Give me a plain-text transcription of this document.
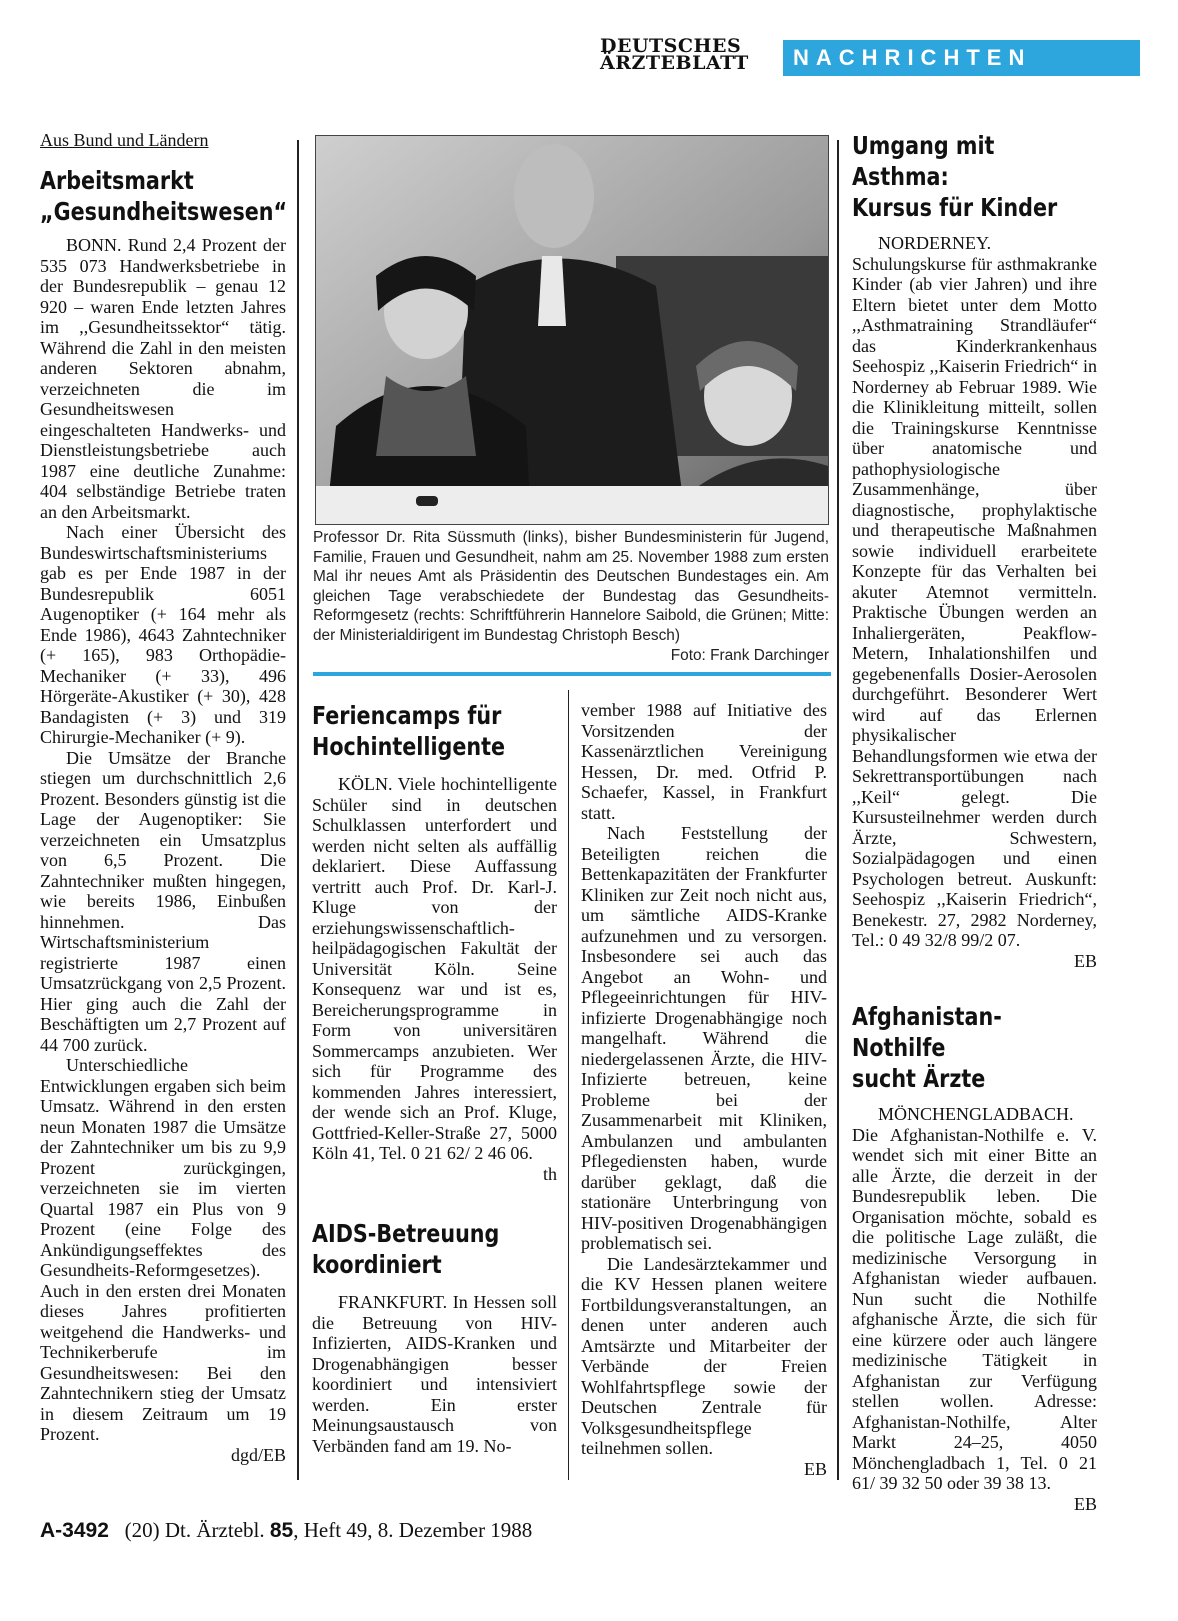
DEUTSCHES
ÄRZTEBLATT	NACHRICHTEN
Aus Bund und Ländern
Arbeitsmarkt
„Gesundheitswesen“

BONN. Rund 2,4 Prozent der 535 073 Handwerksbetriebe in der Bundesrepublik – genau 12 920 – waren Ende letzten Jahres im ,,Gesundheitssektor“ tätig. Während die Zahl in den meisten anderen Sektoren abnahm, verzeichneten die im Gesundheitswesen eingeschalteten Handwerks- und Dienstleistungsbetriebe auch 1987 eine deutliche Zunahme: 404 selbständige Betriebe traten an den Arbeitsmarkt.

Nach einer Übersicht des Bundeswirtschaftsministeriums gab es per Ende 1987 in der Bundesrepublik 6051 Augenoptiker (+ 164 mehr als Ende 1986), 4643 Zahntechniker (+ 165), 983 Orthopädie-Mechaniker (+ 33), 496 Hörgeräte-Akustiker (+ 30), 428 Bandagisten (+ 3) und 319 Chirurgie-Mechaniker (+ 9).

Die Umsätze der Branche stiegen um durchschnittlich 2,6 Prozent. Besonders günstig ist die Lage der Augenoptiker: Sie verzeichneten ein Umsatzplus von 6,5 Prozent. Die Zahntechniker mußten hingegen, wie bereits 1986, Einbußen hinnehmen. Das Wirtschaftsministerium registrierte 1987 einen Umsatzrückgang von 2,5 Prozent. Hier ging auch die Zahl der Beschäftigten um 2,7 Prozent auf 44 700 zurück.

Unterschiedliche Entwicklungen ergaben sich beim Umsatz. Während in den ersten neun Monaten 1987 die Umsätze der Zahntechniker um bis zu 9,9 Prozent zurückgingen, verzeichneten sie im vierten Quartal 1987 ein Plus von 9 Prozent (eine Folge des Ankündigungseffektes des Gesundheits-Reformgesetzes). Auch in den ersten drei Monaten dieses Jahres profitierten weitgehend die Handwerks- und Technikerberufe im Gesundheitswesen: Bei den Zahntechnikern stieg der Umsatz in diesem Zeitraum um 19 Prozent.

dgd/EB
Professor Dr. Rita Süssmuth (links), bisher Bundesministerin für Jugend, Familie, Frauen und Gesundheit, nahm am 25. November 1988 zum ersten Mal ihr neues Amt als Präsidentin des Deutschen Bundestages ein. Am gleichen Tage verabschiedete der Bundestag das Gesundheits-Reformgesetz (rechts: Schriftführerin Hannelore Saibold, die Grünen; Mitte: der Ministerialdirigent im Bundestag Christoph Besch)
Foto: Frank Darchinger
Feriencamps für
Hochintelligente

KÖLN. Viele hochintelligente Schüler sind in deutschen Schulklassen unterfordert und werden nicht selten als auffällig deklariert. Diese Auffassung vertritt auch Prof. Dr. Karl-J. Kluge von der erziehungswissenschaftlich-heilpädagogischen Fakultät der Universität Köln. Seine Konsequenz war und ist es, Bereicherungsprogramme in Form von universitären Sommercamps anzubieten. Wer sich für Programme des kommenden Jahres interessiert, der wende sich an Prof. Kluge, Gottfried-Keller-Straße 27, 5000 Köln 41, Tel. 0 21 62/ 2 46 06.

th
AIDS-Betreuung
koordiniert

FRANKFURT. In Hessen soll die Betreuung von HIV-Infizierten, AIDS-Kranken und Drogenabhängigen besser koordiniert und intensiviert werden. Ein erster Meinungsaustausch von Verbänden fand am 19. No-

vember 1988 auf Initiative des Vorsitzenden der Kassenärztlichen Vereinigung Hessen, Dr. med. Otfrid P. Schaefer, Kassel, in Frankfurt statt.

Nach Feststellung der Beteiligten reichen die Bettenkapazitäten der Frankfurter Kliniken zur Zeit noch nicht aus, um sämtliche AIDS-Kranke aufzunehmen und zu versorgen. Insbesondere sei auch das Angebot an Wohn- und Pflegeeinrichtungen für HIV-infizierte Drogenabhängige noch mangelhaft. Während die niedergelassenen Ärzte, die HIV-Infizierte betreuen, keine Probleme bei der Zusammenarbeit mit Kliniken, Ambulanzen und ambulanten Pflegediensten haben, wurde darüber geklagt, daß die stationäre Unterbringung von HIV-positiven Drogenabhängigen problematisch sei.

Die Landesärztekammer und die KV Hessen planen weitere Fortbildungsveranstaltungen, an denen unter anderen auch Amtsärzte und Mitarbeiter der Verbände der Freien Wohlfahrtspflege sowie der Deutschen Zentrale für Volksgesundheitspflege teilnehmen sollen.

EB
Umgang mit Asthma:
Kursus für Kinder

NORDERNEY. Schulungskurse für asthmakranke Kinder (ab vier Jahren) und ihre Eltern bietet unter dem Motto ,,Asthmatraining Strandläufer“ das Kinderkrankenhaus Seehospiz ,,Kaiserin Friedrich“ in Norderney ab Februar 1989. Wie die Klinikleitung mitteilt, sollen die Trainingskurse Kenntnisse über anatomische und pathophysiologische Zusammenhänge, über diagnostische, prophylaktische und therapeutische Maßnahmen sowie individuell erarbeitete Konzepte für das Verhalten bei akuter Atemnot vermitteln. Praktische Übungen werden an Inhaliergeräten, Peakflow-Metern, Inhalationshilfen und gegebenenfalls Dosier-Aerosolen durchgeführt. Besonderer Wert wird auf das Erlernen physikalischer Behandlungsformen wie etwa der Sekrettransportübungen nach ,,Keil“ gelegt. Die Kursusteilnehmer werden durch Ärzte, Schwestern, Sozialpädagogen und einen Psychologen betreut. Auskunft: Seehospiz ,,Kaiserin Friedrich“, Benekestr. 27, 2982 Norderney, Tel.: 0 49 32/8 99/2 07.

EB
Afghanistan-Nothilfe
sucht Ärzte

MÖNCHENGLADBACH. Die Afghanistan-Nothilfe e. V. wendet sich mit einer Bitte an alle Ärzte, die derzeit in der Bundesrepublik leben. Die Organisation möchte, sobald es die politische Lage zuläßt, die medizinische Versorgung in Afghanistan wieder aufbauen. Nun sucht die Nothilfe afghanische Ärzte, die sich für eine kürzere oder auch längere medizinische Tätigkeit in Afghanistan zur Verfügung stellen wollen. Adresse: Afghanistan-Nothilfe, Alter Markt 24–25, 4050 Mönchengladbach 1, Tel. 0 21 61/ 39 32 50 oder 39 38 13.

EB
A-3492 (20) Dt. Ärztebl. 85, Heft 49, 8. Dezember 1988
